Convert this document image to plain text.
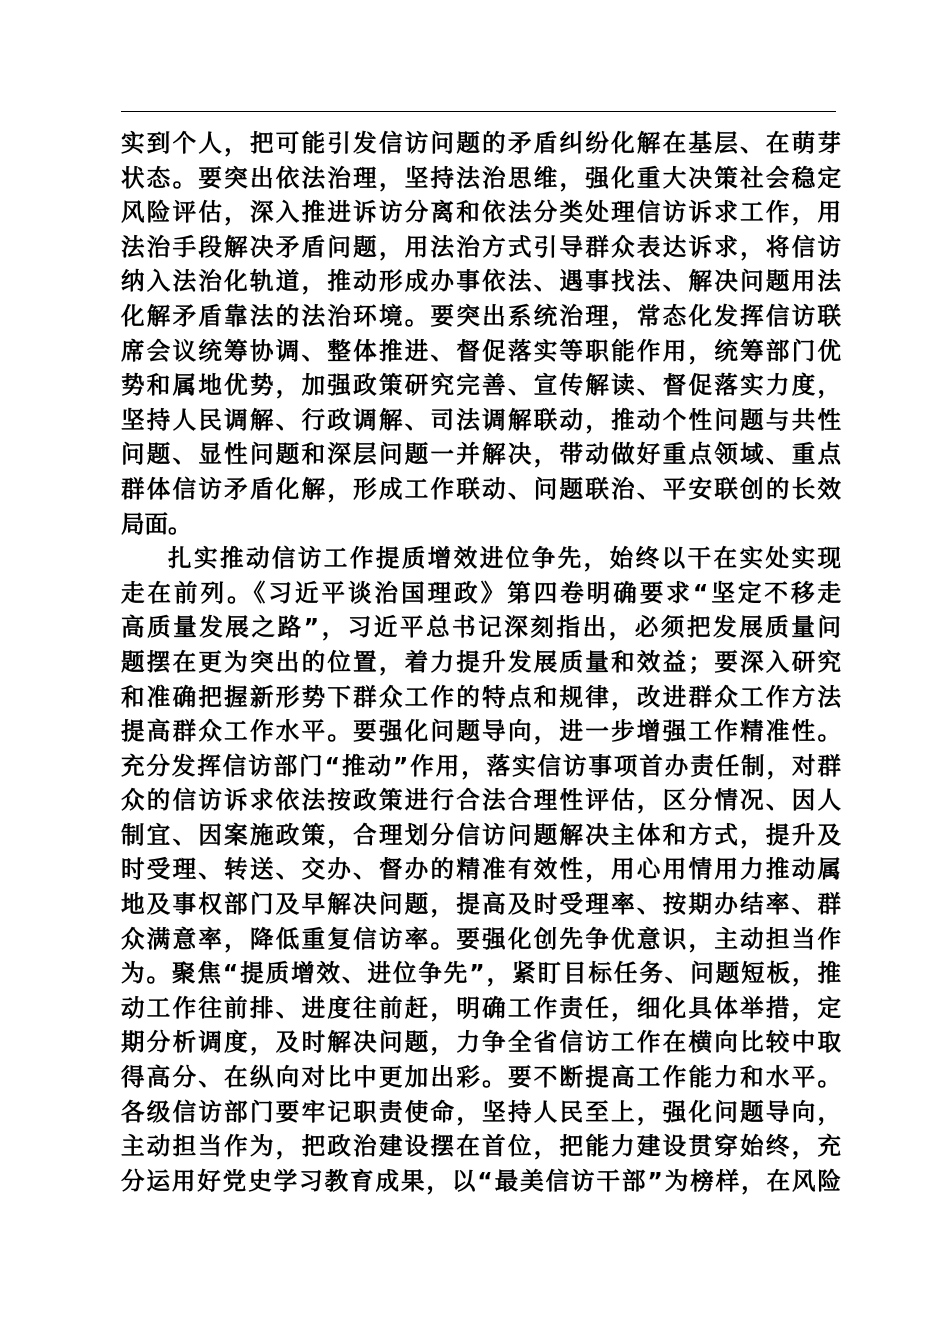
实到个人，把可能引发信访问题的矛盾纠纷化解在基层、在萌芽
状态。要突出依法治理，坚持法治思维，强化重大决策社会稳定
风险评估，深入推进诉访分离和依法分类处理信访诉求工作，用
法治手段解决矛盾问题，用法治方式引导群众表达诉求，将信访
纳入法治化轨道，推动形成办事依法、遇事找法、解决问题用法
化解矛盾靠法的法治环境。要突出系统治理，常态化发挥信访联
席会议统筹协调、整体推进、督促落实等职能作用，统筹部门优
势和属地优势，加强政策研究完善、宣传解读、督促落实力度，
坚持人民调解、行政调解、司法调解联动，推动个性问题与共性
问题、显性问题和深层问题一并解决，带动做好重点领域、重点
群体信访矛盾化解，形成工作联动、问题联治、平安联创的长效
局面。
扎实推动信访工作提质增效进位争先，始终以干在实处实现
走在前列。《习近平谈治国理政》第四卷明确要求“坚定不移走
高质量发展之路”，习近平总书记深刻指出，必须把发展质量问
题摆在更为突出的位置，着力提升发展质量和效益；要深入研究
和准确把握新形势下群众工作的特点和规律，改进群众工作方法
提高群众工作水平。要强化问题导向，进一步增强工作精准性。
充分发挥信访部门“推动”作用，落实信访事项首办责任制，对群
众的信访诉求依法按政策进行合法合理性评估，区分情况、因人
制宜、因案施政策，合理划分信访问题解决主体和方式，提升及
时受理、转送、交办、督办的精准有效性，用心用情用力推动属
地及事权部门及早解决问题，提高及时受理率、按期办结率、群
众满意率，降低重复信访率。要强化创先争优意识，主动担当作
为。聚焦“提质增效、进位争先”，紧盯目标任务、问题短板，推
动工作往前排、进度往前赶，明确工作责任，细化具体举措，定
期分析调度，及时解决问题，力争全省信访工作在横向比较中取
得高分、在纵向对比中更加出彩。要不断提高工作能力和水平。
各级信访部门要牢记职责使命，坚持人民至上，强化问题导向，
主动担当作为，把政治建设摆在首位，把能力建设贯穿始终，充
分运用好党史学习教育成果，以“最美信访干部”为榜样，在风险
